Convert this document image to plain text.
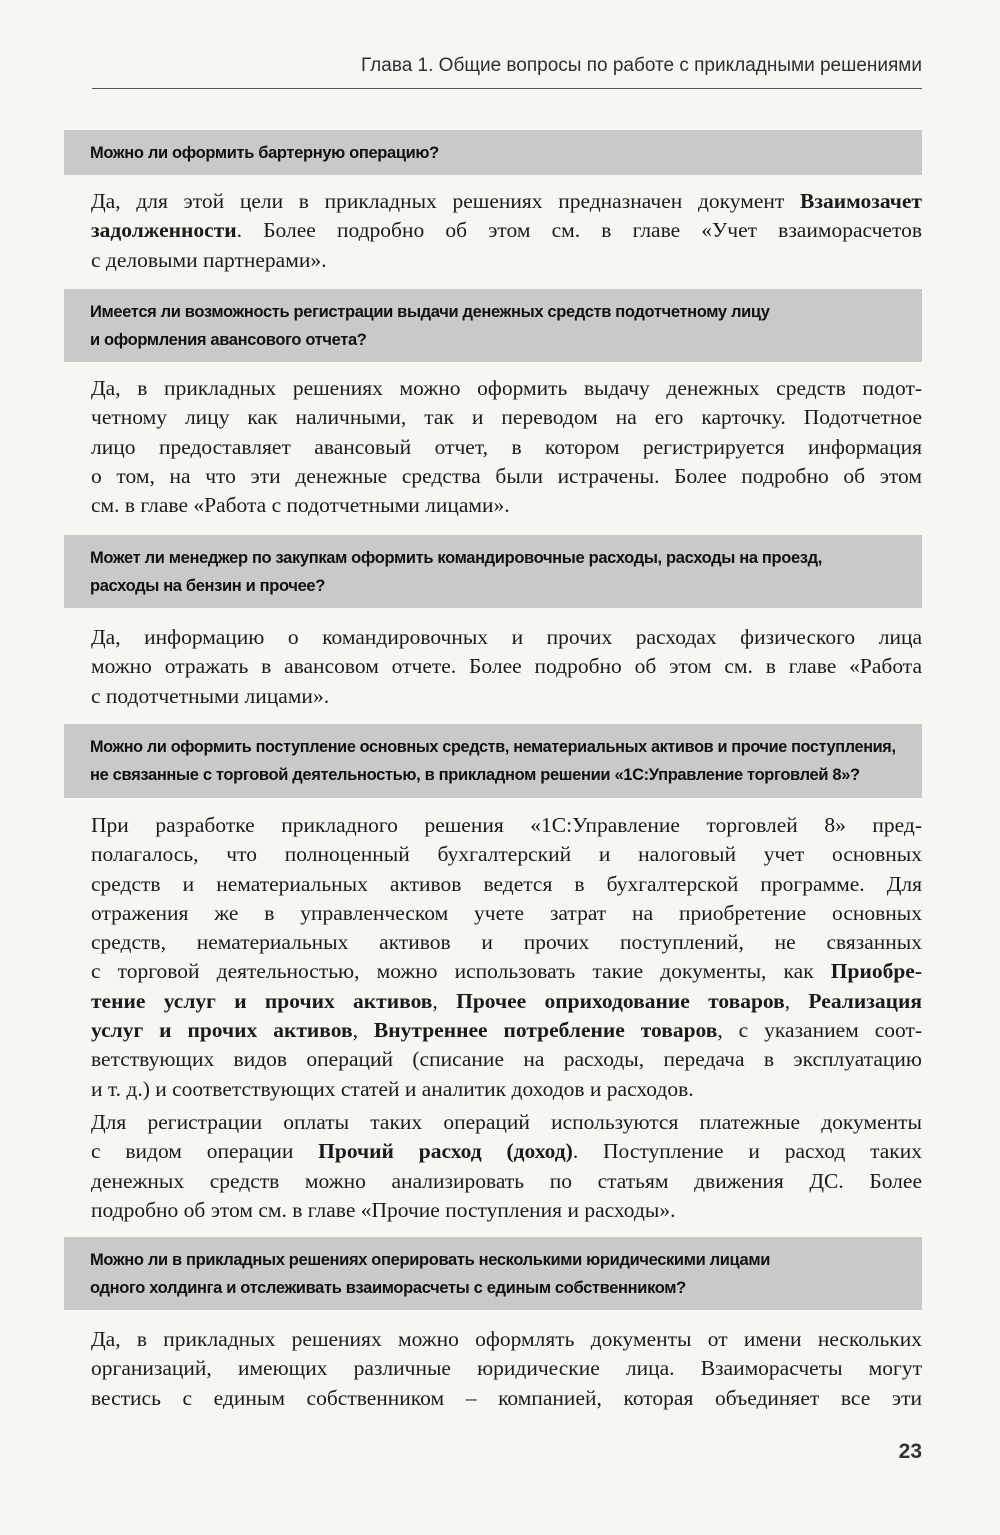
Глава 1. Общие вопросы по работе с прикладными решениями
Можно ли оформить бартерную операцию?
Да, для этой цели в прикладных решениях предназначен документ Взаимозачет
задолженности. Более подробно об этом см. в главе «Учет взаиморасчетов
с деловыми партнерами».
Имеется ли возможность регистрации выдачи денежных средств подотчетному лицу
и оформления авансового отчета?
Да, в прикладных решениях можно оформить выдачу денежных средств подот-
четному лицу как наличными, так и переводом на его карточку. Подотчетное
лицо предоставляет авансовый отчет, в котором регистрируется информация
о том, на что эти денежные средства были истрачены. Более подробно об этом
см. в главе «Работа с подотчетными лицами».
Может ли менеджер по закупкам оформить командировочные расходы, расходы на проезд,
расходы на бензин и прочее?
Да, информацию о командировочных и прочих расходах физического лица
можно отражать в авансовом отчете. Более подробно об этом см. в главе «Работа
с подотчетными лицами».
Можно ли оформить поступление основных средств, нематериальных активов и прочие поступления,
не связанные с торговой деятельностью, в прикладном решении «1С:Управление торговлей 8»?
При разработке прикладного решения «1С:Управление торговлей 8» пред-
полагалось, что полноценный бухгалтерский и налоговый учет основных
средств и нематериальных активов ведется в бухгалтерской программе. Для
отражения же в управленческом учете затрат на приобретение основных
средств, нематериальных активов и прочих поступлений, не связанных
с торговой деятельностью, можно использовать такие документы, как Приобре-
тение услуг и прочих активов, Прочее оприходование товаров, Реализация
услуг и прочих активов, Внутреннее потребление товаров, с указанием соот-
ветствующих видов операций (списание на расходы, передача в эксплуатацию
и т. д.) и соответствующих статей и аналитик доходов и расходов.
Для регистрации оплаты таких операций используются платежные документы
с видом операции Прочий расход (доход). Поступление и расход таких
денежных средств можно анализировать по статьям движения ДС. Более
подробно об этом см. в главе «Прочие поступления и расходы».
Можно ли в прикладных решениях оперировать несколькими юридическими лицами
одного холдинга и отслеживать взаиморасчеты с единым собственником?
Да, в прикладных решениях можно оформлять документы от имени нескольких
организаций, имеющих различные юридические лица. Взаиморасчеты могут
вестись с единым собственником – компанией, которая объединяет все эти
23
